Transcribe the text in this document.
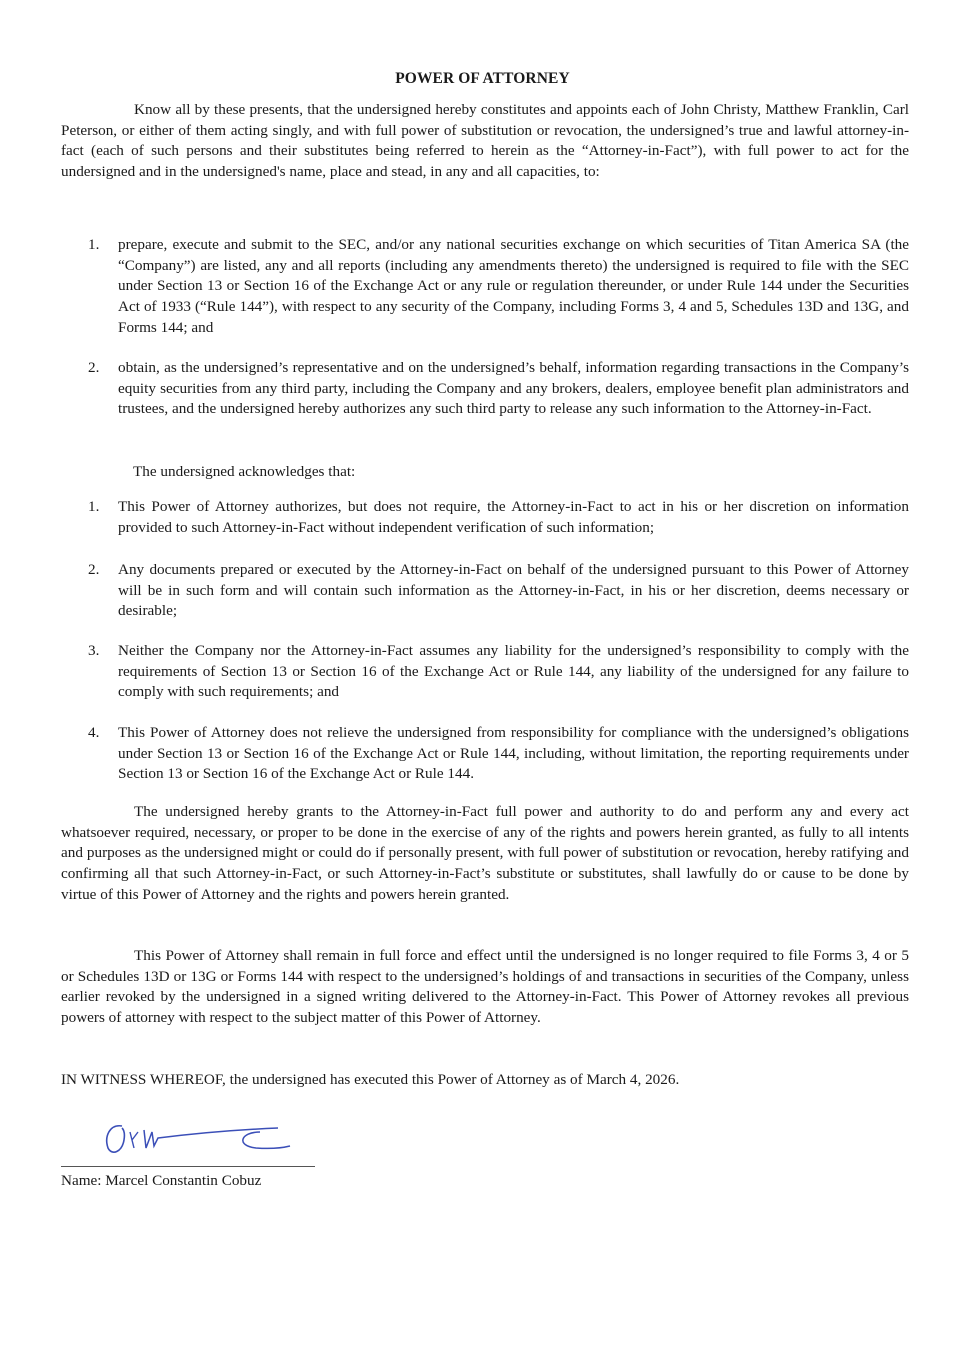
POWER OF ATTORNEY

Know all by these presents, that the undersigned hereby constitutes and appoints each of John Christy, Matthew Franklin, Carl Peterson, or either of them acting singly, and with full power of substitution or revocation, the undersigned’s true and lawful attorney-in-fact (each of such persons and their substitutes being referred to herein as the “Attorney-in-Fact”), with full power to act for the undersigned and in the undersigned's name, place and stead, in any and all capacities, to:

1. prepare, execute and submit to the SEC, and/or any national securities exchange on which securities of Titan America SA (the “Company”) are listed, any and all reports (including any amendments thereto) the undersigned is required to file with the SEC under Section 13 or Section 16 of the Exchange Act or any rule or regulation thereunder, or under Rule 144 under the Securities Act of 1933 (“Rule 144”), with respect to any security of the Company, including Forms 3, 4 and 5, Schedules 13D and 13G, and Forms 144; and
2. obtain, as the undersigned’s representative and on the undersigned’s behalf, information regarding transactions in the Company’s equity securities from any third party, including the Company and any brokers, dealers, employee benefit plan administrators and trustees, and the undersigned hereby authorizes any such third party to release any such information to the Attorney-in-Fact.
The undersigned acknowledges that:
1. This Power of Attorney authorizes, but does not require, the Attorney-in-Fact to act in his or her discretion on information provided to such Attorney-in-Fact without independent verification of such information;
2. Any documents prepared or executed by the Attorney-in-Fact on behalf of the undersigned pursuant to this Power of Attorney will be in such form and will contain such information as the Attorney-in-Fact, in his or her discretion, deems necessary or desirable;
3. Neither the Company nor the Attorney-in-Fact assumes any liability for the undersigned’s responsibility to comply with the requirements of Section 13 or Section 16 of the Exchange Act or Rule 144, any liability of the undersigned for any failure to comply with such requirements; and
4. This Power of Attorney does not relieve the undersigned from responsibility for compliance with the undersigned’s obligations under Section 13 or Section 16 of the Exchange Act or Rule 144, including, without limitation, the reporting requirements under Section 13 or Section 16 of the Exchange Act or Rule 144.

The undersigned hereby grants to the Attorney-in-Fact full power and authority to do and perform any and every act whatsoever required, necessary, or proper to be done in the exercise of any of the rights and powers herein granted, as fully to all intents and purposes as the undersigned might or could do if personally present, with full power of substitution or revocation, hereby ratifying and confirming all that such Attorney-in-Fact, or such Attorney-in-Fact’s substitute or substitutes, shall lawfully do or cause to be done by virtue of this Power of Attorney and the rights and powers herein granted.

This Power of Attorney shall remain in full force and effect until the undersigned is no longer required to file Forms 3, 4 or 5 or Schedules 13D or 13G or Forms 144 with respect to the undersigned’s holdings of and transactions in securities of the Company, unless earlier revoked by the undersigned in a signed writing delivered to the Attorney-in-Fact. This Power of Attorney revokes all previous powers of attorney with respect to the subject matter of this Power of Attorney.

IN WITNESS WHEREOF, the undersigned has executed this Power of Attorney as of March 4, 2026.

Name: Marcel Constantin Cobuz
